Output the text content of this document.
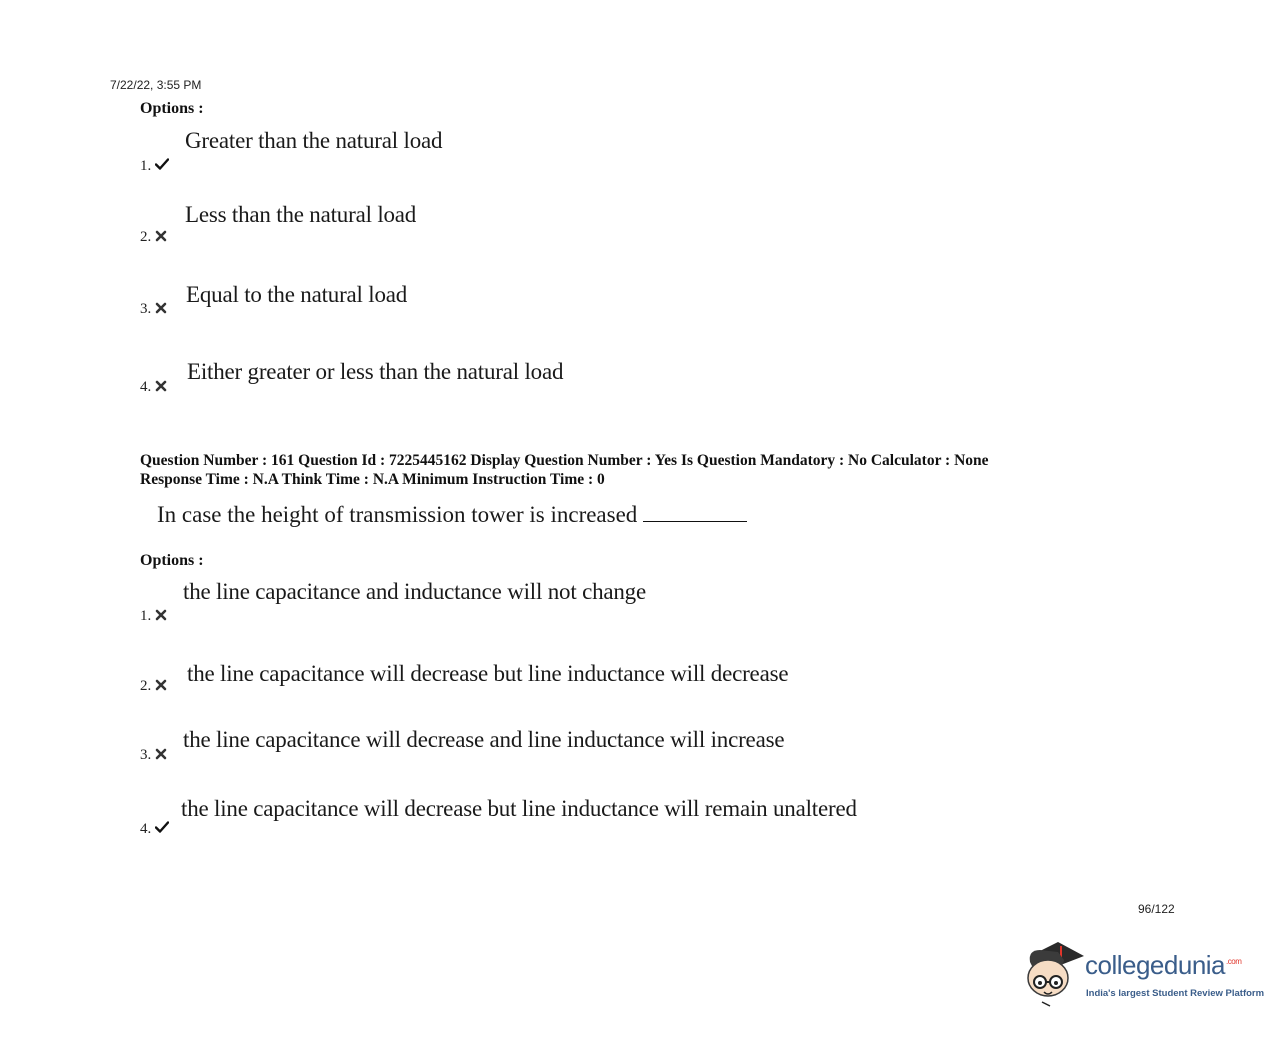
7/22/22, 3:55 PM
Options :
Greater than the natural load
1.
Less than the natural load
2.
Equal to the natural load
3.
Either greater or less than the natural load
4.
Question Number : 161 Question Id : 7225445162 Display Question Number : Yes Is Question Mandatory : No Calculator : None
Response Time : N.A Think Time : N.A Minimum Instruction Time : 0
In case the height of transmission tower is increased
Options :
the line capacitance and inductance will not change
1.
the line capacitance will decrease but line inductance will decrease
2.
the line capacitance will decrease and line inductance will increase
3.
the line capacitance will decrease but line inductance will remain unaltered
4.
96/122
collegedunia$^{.com}$
India's largest Student Review Platform
